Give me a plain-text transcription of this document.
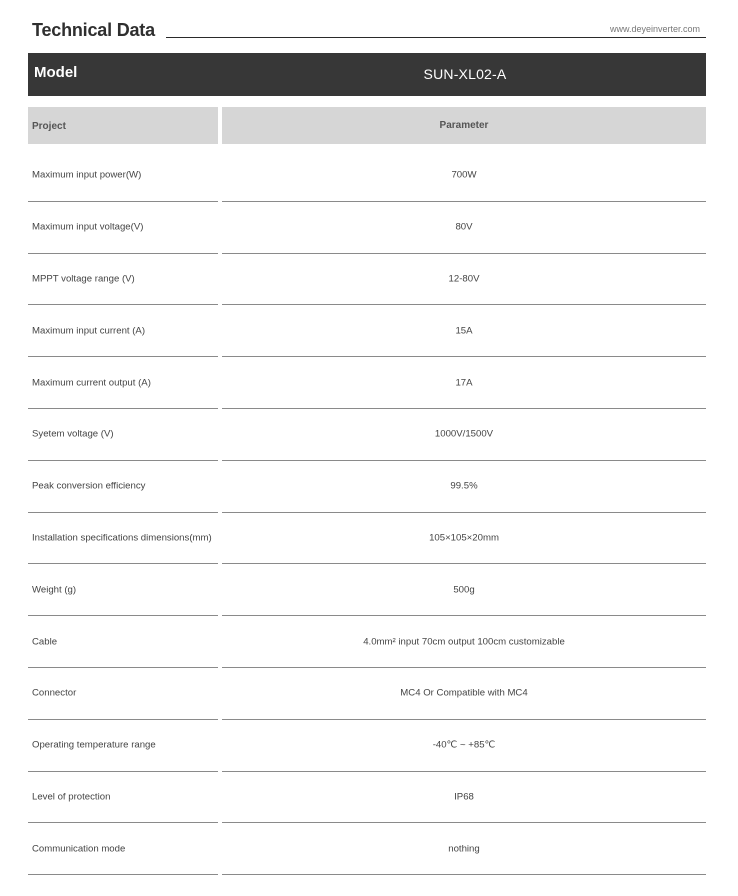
Technical Data	www.deyeinverter.com
Model	SUN-XL02-A
Project	Parameter
Maximum input power(W)	700W
Maximum input voltage(V)	80V
MPPT voltage range (V)	12-80V
Maximum input current (A)	15A
Maximum current output (A)	17A
Syetem voltage (V)	1000V/1500V
Peak conversion efficiency	99.5%
Installation specifications dimensions(mm)	105×105×20mm
Weight (g)	500g
Cable	4.0mm² input 70cm output 100cm customizable
Connector	MC4 Or Compatible with MC4
Operating temperature range	-40℃ ~ +85℃
Level of protection	IP68
Communication mode	nothing
